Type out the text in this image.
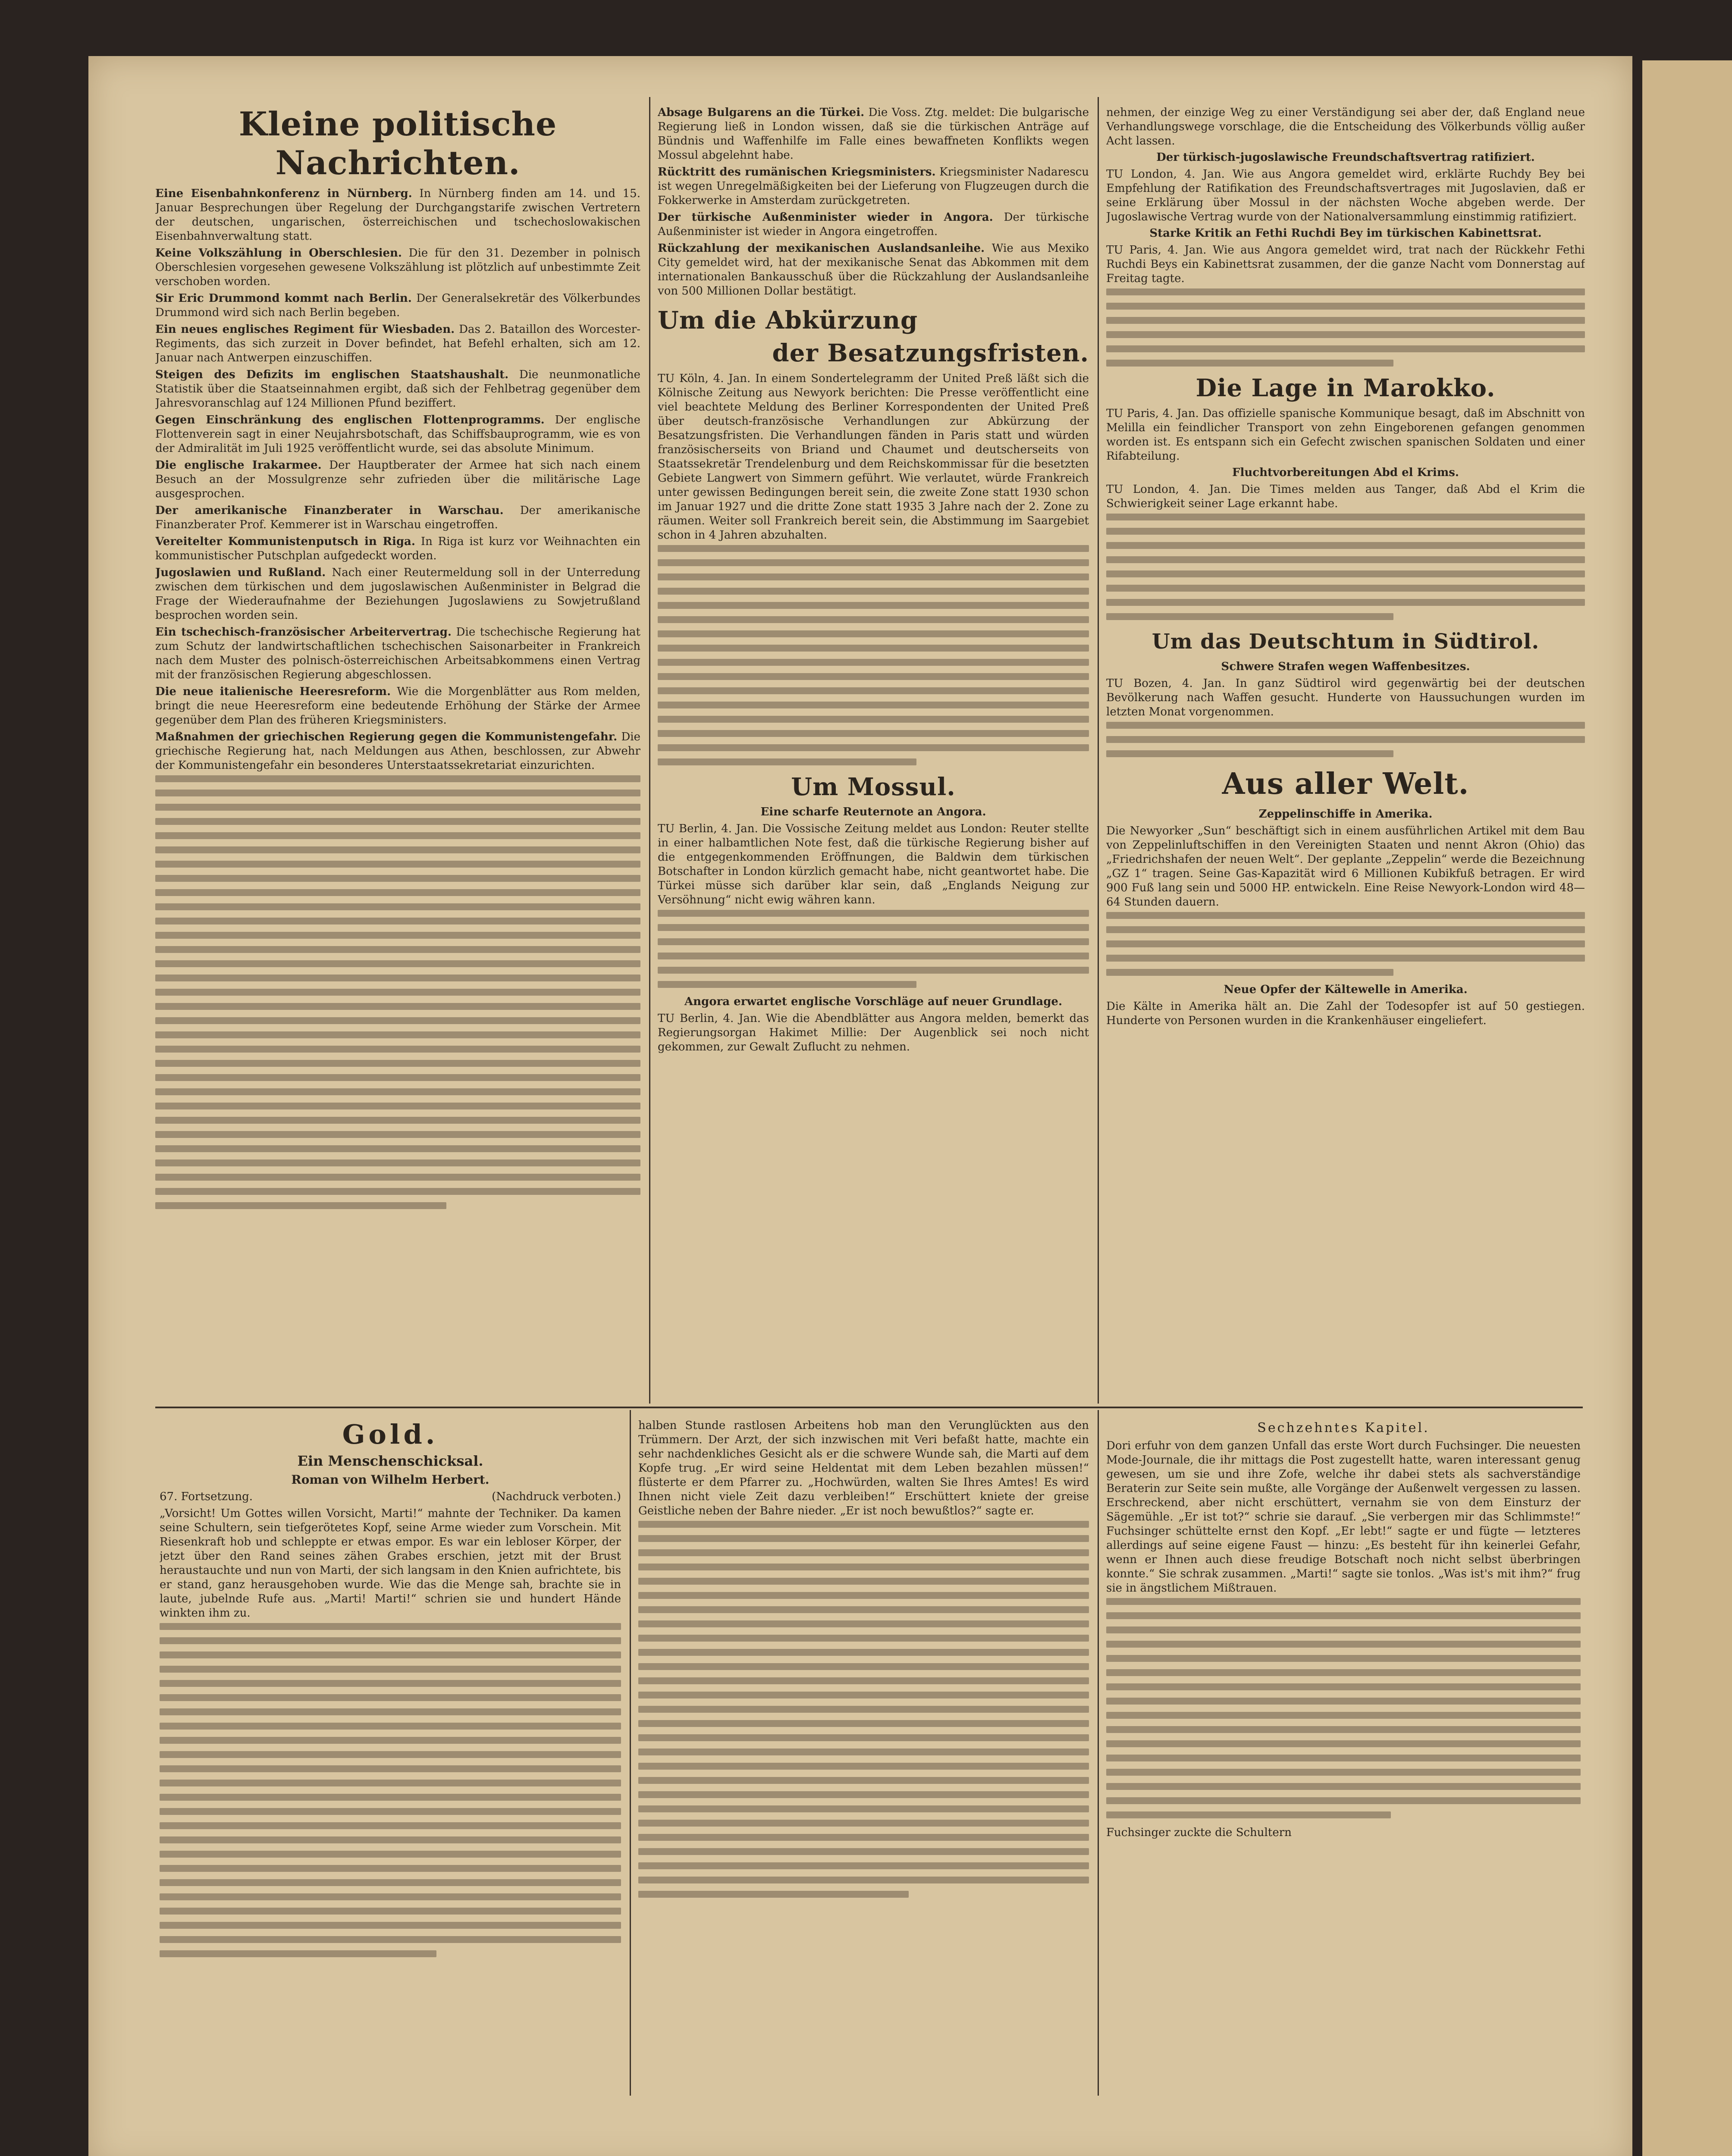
Kleine politische Nachrichten.

Eine Eisenbahnkonferenz in Nürnberg. In Nürnberg finden am 14. und 15. Januar Besprechungen über Regelung der Durchgangstarife zwischen Vertretern der deutschen, ungarischen, österreichischen und tschechoslowakischen Eisenbahnverwaltung statt.

Keine Volkszählung in Oberschlesien. Die für den 31. Dezember in polnisch Oberschlesien vorgesehen gewesene Volkszählung ist plötzlich auf unbestimmte Zeit verschoben worden.

Sir Eric Drummond kommt nach Berlin. Der Generalsekretär des Völkerbundes Drummond wird sich nach Berlin begeben.

Ein neues englisches Regiment für Wiesbaden. Das 2. Bataillon des Worcester-Regiments, das sich zurzeit in Dover befindet, hat Befehl erhalten, sich am 12. Januar nach Antwerpen einzuschiffen.

Steigen des Defizits im englischen Staatshaushalt. Die neunmonatliche Statistik über die Staatseinnahmen ergibt, daß sich der Fehlbetrag gegenüber dem Jahresvoranschlag auf 124 Millionen Pfund beziffert.

Gegen Einschränkung des englischen Flottenprogramms. Der englische Flottenverein sagt in einer Neujahrsbotschaft, das Schiffsbauprogramm, wie es von der Admiralität im Juli 1925 veröffentlicht wurde, sei das absolute Minimum.

Die englische Irakarmee. Der Hauptberater der Armee hat sich nach einem Besuch an der Mossulgrenze sehr zufrieden über die militärische Lage ausgesprochen.

Der amerikanische Finanzberater in Warschau. Der amerikanische Finanzberater Prof. Kemmerer ist in Warschau eingetroffen.

Vereitelter Kommunistenputsch in Riga. In Riga ist kurz vor Weihnachten ein kommunistischer Putschplan aufgedeckt worden.

Jugoslawien und Rußland. Nach einer Reutermeldung soll in der Unterredung zwischen dem türkischen und dem jugoslawischen Außenminister in Belgrad die Frage der Wiederaufnahme der Beziehungen Jugoslawiens zu Sowjetrußland besprochen worden sein.

Ein tschechisch-französischer Arbeitervertrag. Die tschechische Regierung hat zum Schutz der landwirtschaftlichen tschechischen Saisonarbeiter in Frankreich nach dem Muster des polnisch-österreichischen Arbeitsabkommens einen Vertrag mit der französischen Regierung abgeschlossen.

Die neue italienische Heeresreform. Wie die Morgenblätter aus Rom melden, bringt die neue Heeresreform eine bedeutende Erhöhung der Stärke der Armee gegenüber dem Plan des früheren Kriegsministers.

Maßnahmen der griechischen Regierung gegen die Kommunistengefahr. Die griechische Regierung hat, nach Meldungen aus Athen, beschlossen, zur Abwehr der Kommunistengefahr ein besonderes Unterstaatssekretariat einzurichten.

Absage Bulgarens an die Türkei. Die Voss. Ztg. meldet: Die bulgarische Regierung ließ in London wissen, daß sie die türkischen Anträge auf Bündnis und Waffenhilfe im Falle eines bewaffneten Konflikts wegen Mossul abgelehnt habe.

Rücktritt des rumänischen Kriegsministers. Kriegsminister Nadarescu ist wegen Unregelmäßigkeiten bei der Lieferung von Flugzeugen durch die Fokkerwerke in Amsterdam zurückgetreten.

Der türkische Außenminister wieder in Angora. Der türkische Außenminister ist wieder in Angora eingetroffen.

Rückzahlung der mexikanischen Auslandsanleihe. Wie aus Mexiko City gemeldet wird, hat der mexikanische Senat das Abkommen mit dem internationalen Bankausschuß über die Rückzahlung der Auslandsanleihe von 500 Millionen Dollar bestätigt.

Um die Abkürzung
der Besatzungsfristen.

TU Köln, 4. Jan. In einem Sondertelegramm der United Preß läßt sich die Kölnische Zeitung aus Newyork berichten: Die Presse veröffentlicht eine viel beachtete Meldung des Berliner Korrespondenten der United Preß über deutsch-französische Verhandlungen zur Abkürzung der Besatzungsfristen. Die Verhandlungen fänden in Paris statt und würden französischerseits von Briand und Chaumet und deutscherseits von Staatssekretär Trendelenburg und dem Reichskommissar für die besetzten Gebiete Langwert von Simmern geführt. Wie verlautet, würde Frankreich unter gewissen Bedingungen bereit sein, die zweite Zone statt 1930 schon im Januar 1927 und die dritte Zone statt 1935 3 Jahre nach der 2. Zone zu räumen. Weiter soll Frankreich bereit sein, die Abstimmung im Saargebiet schon in 4 Jahren abzuhalten.

Um Mossul.
Eine scharfe Reuternote an Angora.

TU Berlin, 4. Jan. Die Vossische Zeitung meldet aus London: Reuter stellte in einer halbamtlichen Note fest, daß die türkische Regierung bisher auf die entgegenkommenden Eröffnungen, die Baldwin dem türkischen Botschafter in London kürzlich gemacht habe, nicht geantwortet habe. Die Türkei müsse sich darüber klar sein, daß „Englands Neigung zur Versöhnung“ nicht ewig währen kann.

Angora erwartet englische Vorschläge auf neuer Grundlage.

TU Berlin, 4. Jan. Wie die Abendblätter aus Angora melden, bemerkt das Regierungsorgan Hakimet Millie: Der Augenblick sei noch nicht gekommen, zur Gewalt Zuflucht zu nehmen.

nehmen, der einzige Weg zu einer Verständigung sei aber der, daß England neue Verhandlungswege vorschlage, die die Entscheidung des Völkerbunds völlig außer Acht lassen.

Der türkisch-jugoslawische Freundschaftsvertrag ratifiziert.

TU London, 4. Jan. Wie aus Angora gemeldet wird, erklärte Ruchdy Bey bei Empfehlung der Ratifikation des Freundschaftsvertrages mit Jugoslavien, daß er seine Erklärung über Mossul in der nächsten Woche abgeben werde. Der Jugoslawische Vertrag wurde von der Nationalversammlung einstimmig ratifiziert.

Starke Kritik an Fethi Ruchdi Bey im türkischen Kabinettsrat.

TU Paris, 4. Jan. Wie aus Angora gemeldet wird, trat nach der Rückkehr Fethi Ruchdi Beys ein Kabinettsrat zusammen, der die ganze Nacht vom Donnerstag auf Freitag tagte.

Die Lage in Marokko.

TU Paris, 4. Jan. Das offizielle spanische Kommunique besagt, daß im Abschnitt von Melilla ein feindlicher Transport von zehn Eingeborenen gefangen genommen worden ist. Es entspann sich ein Gefecht zwischen spanischen Soldaten und einer Rifabteilung.

Fluchtvorbereitungen Abd el Krims.

TU London, 4. Jan. Die Times melden aus Tanger, daß Abd el Krim die Schwierigkeit seiner Lage erkannt habe.

Um das Deutschtum in Südtirol.
Schwere Strafen wegen Waffenbesitzes.

TU Bozen, 4. Jan. In ganz Südtirol wird gegenwärtig bei der deutschen Bevölkerung nach Waffen gesucht. Hunderte von Haussuchungen wurden im letzten Monat vorgenommen.

Aus aller Welt.
Zeppelinschiffe in Amerika.

Die Newyorker „Sun“ beschäftigt sich in einem ausführlichen Artikel mit dem Bau von Zeppelinluftschiffen in den Vereinigten Staaten und nennt Akron (Ohio) das „Friedrichshafen der neuen Welt“. Der geplante „Zeppelin“ werde die Bezeichnung „GZ 1“ tragen. Seine Gas-Kapazität wird 6 Millionen Kubikfuß betragen. Er wird 900 Fuß lang sein und 5000 HP. entwickeln. Eine Reise Newyork-London wird 48—64 Stunden dauern.

Neue Opfer der Kältewelle in Amerika.

Die Kälte in Amerika hält an. Die Zahl der Todesopfer ist auf 50 gestiegen. Hunderte von Personen wurden in die Krankenhäuser eingeliefert.

Gold.
Ein Menschenschicksal.
Roman von Wilhelm Herbert.
67. Fortsetzung.	(Nachdruck verboten.)

„Vorsicht! Um Gottes willen Vorsicht, Marti!“ mahnte der Techniker. Da kamen seine Schultern, sein tiefgerötetes Kopf, seine Arme wieder zum Vorschein. Mit Riesenkraft hob und schleppte er etwas empor. Es war ein lebloser Körper, der jetzt über den Rand seines zähen Grabes erschien, jetzt mit der Brust heraustauchte und nun von Marti, der sich langsam in den Knien aufrichtete, bis er stand, ganz herausgehoben wurde. Wie das die Menge sah, brachte sie in laute, jubelnde Rufe aus. „Marti! Marti!“ schrien sie und hundert Hände winkten ihm zu.

halben Stunde rastlosen Arbeitens hob man den Verunglückten aus den Trümmern. Der Arzt, der sich inzwischen mit Veri befaßt hatte, machte ein sehr nachdenkliches Gesicht als er die schwere Wunde sah, die Marti auf dem Kopfe trug. „Er wird seine Heldentat mit dem Leben bezahlen müssen!“ flüsterte er dem Pfarrer zu. „Hochwürden, walten Sie Ihres Amtes! Es wird Ihnen nicht viele Zeit dazu verbleiben!“ Erschüttert kniete der greise Geistliche neben der Bahre nieder. „Er ist noch bewußtlos?“ sagte er.

Sechzehntes Kapitel.

Dori erfuhr von dem ganzen Unfall das erste Wort durch Fuchsinger. Die neuesten Mode-Journale, die ihr mittags die Post zugestellt hatte, waren interessant genug gewesen, um sie und ihre Zofe, welche ihr dabei stets als sachverständige Beraterin zur Seite sein mußte, alle Vorgänge der Außenwelt vergessen zu lassen. Erschreckend, aber nicht erschüttert, vernahm sie von dem Einsturz der Sägemühle. „Er ist tot?“ schrie sie darauf. „Sie verbergen mir das Schlimmste!“ Fuchsinger schüttelte ernst den Kopf. „Er lebt!“ sagte er und fügte — letzteres allerdings auf seine eigene Faust — hinzu: „Es besteht für ihn keinerlei Gefahr, wenn er Ihnen auch diese freudige Botschaft noch nicht selbst überbringen konnte.“ Sie schrak zusammen. „Marti!“ sagte sie tonlos. „Was ist's mit ihm?“ frug sie in ängstlichem Mißtrauen.

Fuchsinger zuckte die Schultern
